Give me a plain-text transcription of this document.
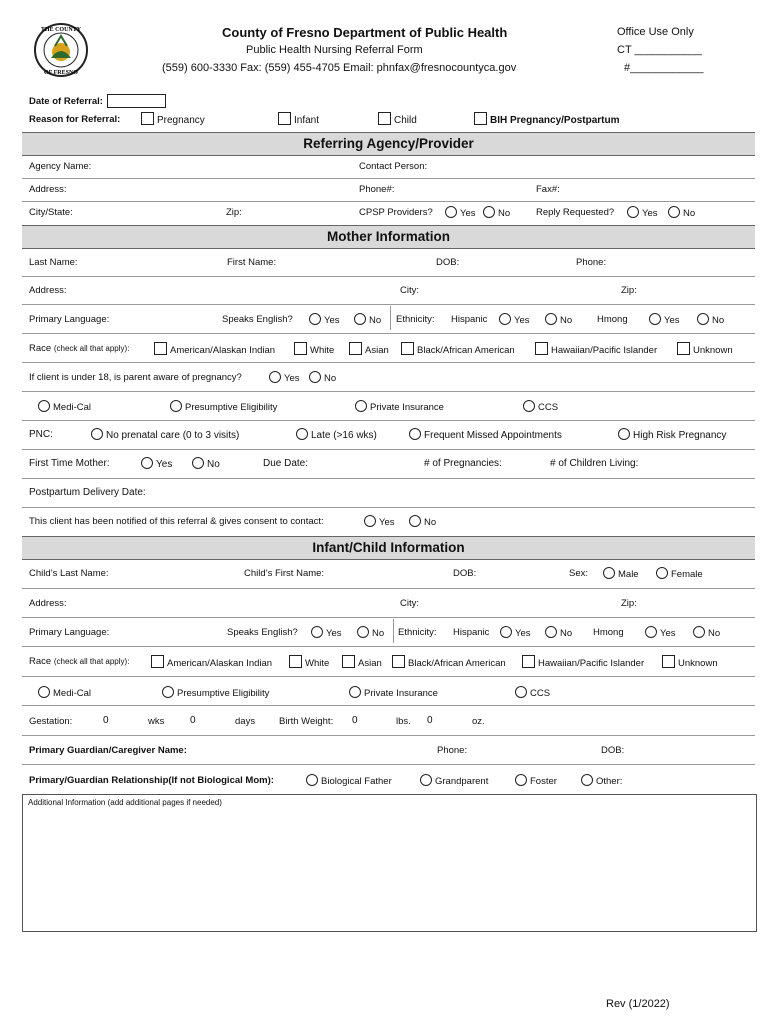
THE COUNTY
OF FRESNO
County of Fresno Department of Public Health
Public Health Nursing Referral Form
(559) 600-3330 Fax: (559) 455-4705 Email: phnfax@fresnocountyca.gov
Office Use Only
CT ___________
#____________
Date of Referral:
Reason for Referral:	Pregnancy	Infant	Child	BIH Pregnancy/Postpartum
Referring Agency/Provider
Agency Name:	Contact Person:
Address:	Phone#:	Fax#:
City/State:	Zip:	CPSP Providers?	Yes	No	Reply Requested?	Yes	No
Mother Information
Last Name:	First Name:	DOB:	Phone:
Address:	City:	Zip:
Primary Language:	Speaks English?	Yes	No Ethnicity: Hispanic	Yes	No	Hmong	Yes	No
Race (check all that apply):	American/Alaskan Indian	White	Asian	Black/African American	Hawaiian/Pacific Islander	Unknown
If client is under 18, is parent aware of pregnancy?	Yes	No
Medi-Cal	Presumptive Eligibility	Private Insurance	CCS
PNC:	No prenatal care (0 to 3 visits)	Late (>16 wks)	Frequent Missed Appointments	High Risk Pregnancy
First Time Mother:	Yes	No	Due Date:	# of Pregnancies:	# of Children Living:
Postpartum Delivery Date:
This client has been notified of this referral & gives consent to contact:	Yes	No
Infant/Child Information
Child’s Last Name:	Child’s First Name:	DOB:	Sex:	Male	Female
Address:	City:	Zip:
Primary Language:	Speaks English?	Yes	No Ethnicity: Hispanic	Yes	No Hmong	Yes	No
Race (check all that apply):	American/Alaskan Indian	White	Asian	Black/African American	Hawaiian/Pacific Islander	Unknown
Medi-Cal	Presumptive Eligibility	Private Insurance	CCS
Gestation:	0	wks	0	days	Birth Weight: 0	lbs. 0	oz.
Primary Guardian/Caregiver Name:	Phone:	DOB:
Primary/Guardian Relationship(If not Biological Mom):	Biological Father	Grandparent	Foster	Other:
Additional Information (add additional pages if needed)
Rev (1/2022)
